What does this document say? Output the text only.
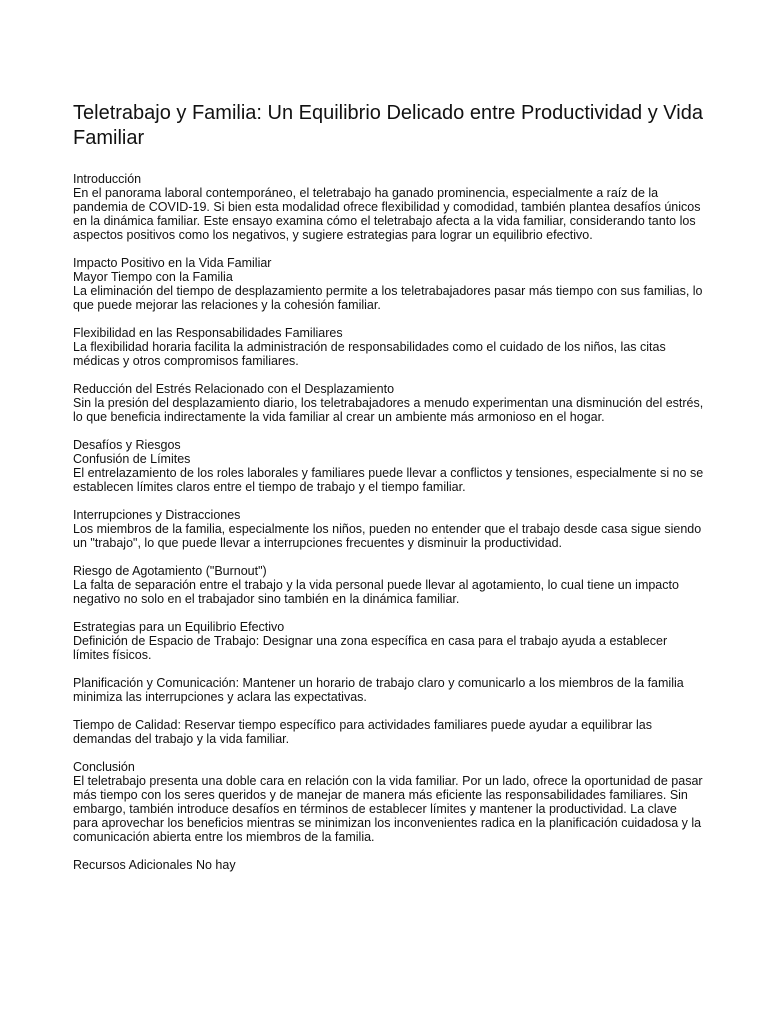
Teletrabajo y Familia: Un Equilibrio Delicado entre Productividad y Vida Familiar
Introducción

En el panorama laboral contemporáneo, el teletrabajo ha ganado prominencia, especialmente a raíz de la pandemia de COVID-19. Si bien esta modalidad ofrece flexibilidad y comodidad, también plantea desafíos únicos en la dinámica familiar. Este ensayo examina cómo el teletrabajo afecta a la vida familiar, considerando tanto los aspectos positivos como los negativos, y sugiere estrategias para lograr un equilibrio efectivo.

Impacto Positivo en la Vida Familiar
Mayor Tiempo con la Familia

La eliminación del tiempo de desplazamiento permite a los teletrabajadores pasar más tiempo con sus familias, lo que puede mejorar las relaciones y la cohesión familiar.

Flexibilidad en las Responsabilidades Familiares

La flexibilidad horaria facilita la administración de responsabilidades como el cuidado de los niños, las citas médicas y otros compromisos familiares.

Reducción del Estrés Relacionado con el Desplazamiento

Sin la presión del desplazamiento diario, los teletrabajadores a menudo experimentan una disminución del estrés, lo que beneficia indirectamente la vida familiar al crear un ambiente más armonioso en el hogar.

Desafíos y Riesgos
Confusión de Límites

El entrelazamiento de los roles laborales y familiares puede llevar a conflictos y tensiones, especialmente si no se establecen límites claros entre el tiempo de trabajo y el tiempo familiar.

Interrupciones y Distracciones

Los miembros de la familia, especialmente los niños, pueden no entender que el trabajo desde casa sigue siendo un "trabajo", lo que puede llevar a interrupciones frecuentes y disminuir la productividad.

Riesgo de Agotamiento ("Burnout")

La falta de separación entre el trabajo y la vida personal puede llevar al agotamiento, lo cual tiene un impacto negativo no solo en el trabajador sino también en la dinámica familiar.

Estrategias para un Equilibrio Efectivo

Definición de Espacio de Trabajo: Designar una zona específica en casa para el trabajo ayuda a establecer límites físicos.

Planificación y Comunicación: Mantener un horario de trabajo claro y comunicarlo a los miembros de la familia minimiza las interrupciones y aclara las expectativas.

Tiempo de Calidad: Reservar tiempo específico para actividades familiares puede ayudar a equilibrar las demandas del trabajo y la vida familiar.

Conclusión

El teletrabajo presenta una doble cara en relación con la vida familiar. Por un lado, ofrece la oportunidad de pasar más tiempo con los seres queridos y de manejar de manera más eficiente las responsabilidades familiares. Sin embargo, también introduce desafíos en términos de establecer límites y mantener la productividad. La clave para aprovechar los beneficios mientras se minimizan los inconvenientes radica en la planificación cuidadosa y la comunicación abierta entre los miembros de la familia.

Recursos Adicionales No hay
